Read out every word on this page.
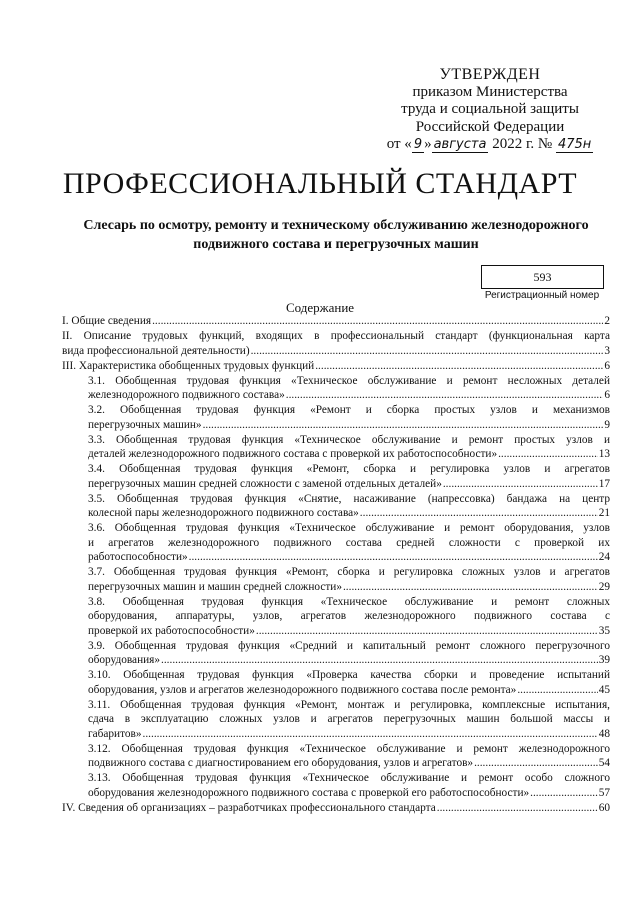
УТВЕРЖДЕН
приказом Министерства
труда и социальной защиты
Российской Федерации
от « 9 » августа 2022 г. № 475н
ПРОФЕССИОНАЛЬНЫЙ СТАНДАРТ
Слесарь по осмотру, ремонту и техническому обслуживанию железнодорожного подвижного состава и перегрузочных машин
593
Регистрационный номер
Содержание
I. Общие сведения .....	2
II. Описание трудовых функций, входящих в профессиональный стандарт (функциональная карта
вида профессиональной деятельности) .....	3
III. Характеристика обобщенных трудовых функций .....	6
3.1. Обобщенная трудовая функция «Техническое обслуживание и ремонт несложных деталей
железнодорожного подвижного состава» .....	6
3.2. Обобщенная трудовая функция «Ремонт и сборка простых узлов и механизмов
перегрузочных машин» .....	9
3.3. Обобщенная трудовая функция «Техническое обслуживание и ремонт простых узлов и
деталей железнодорожного подвижного состава с проверкой их работоспособности» .....	13
3.4. Обобщенная трудовая функция «Ремонт, сборка и регулировка узлов и агрегатов
перегрузочных машин средней сложности с заменой отдельных деталей» .....	17
3.5. Обобщенная трудовая функция «Снятие, насаживание (напрессовка) бандажа на центр
колесной пары железнодорожного подвижного состава» .....	21
3.6. Обобщенная трудовая функция «Техническое обслуживание и ремонт оборудования, узлов
и агрегатов железнодорожного подвижного состава средней сложности с проверкой их
работоспособности» .....	24
3.7. Обобщенная трудовая функция «Ремонт, сборка и регулировка сложных узлов и агрегатов
перегрузочных машин и машин средней сложности» .....	29
3.8. Обобщенная трудовая функция «Техническое обслуживание и ремонт сложных
оборудования, аппаратуры, узлов, агрегатов железнодорожного подвижного состава с
проверкой их работоспособности» .....	35
3.9. Обобщенная трудовая функция «Средний и капитальный ремонт сложного перегрузочного
оборудования» .....	39
3.10. Обобщенная трудовая функция «Проверка качества сборки и проведение испытаний
оборудования, узлов и агрегатов железнодорожного подвижного состава после ремонта» .....	45
3.11. Обобщенная трудовая функция «Ремонт, монтаж и регулировка, комплексные испытания,
сдача в эксплуатацию сложных узлов и агрегатов перегрузочных машин большой массы и
габаритов» .....	48
3.12. Обобщенная трудовая функция «Техническое обслуживание и ремонт железнодорожного
подвижного состава с диагностированием его оборудования, узлов и агрегатов» .....	54
3.13. Обобщенная трудовая функция «Техническое обслуживание и ремонт особо сложного
оборудования железнодорожного подвижного состава с проверкой его работоспособности» .....	57
IV. Сведения об организациях – разработчиках профессионального стандарта .....	60
